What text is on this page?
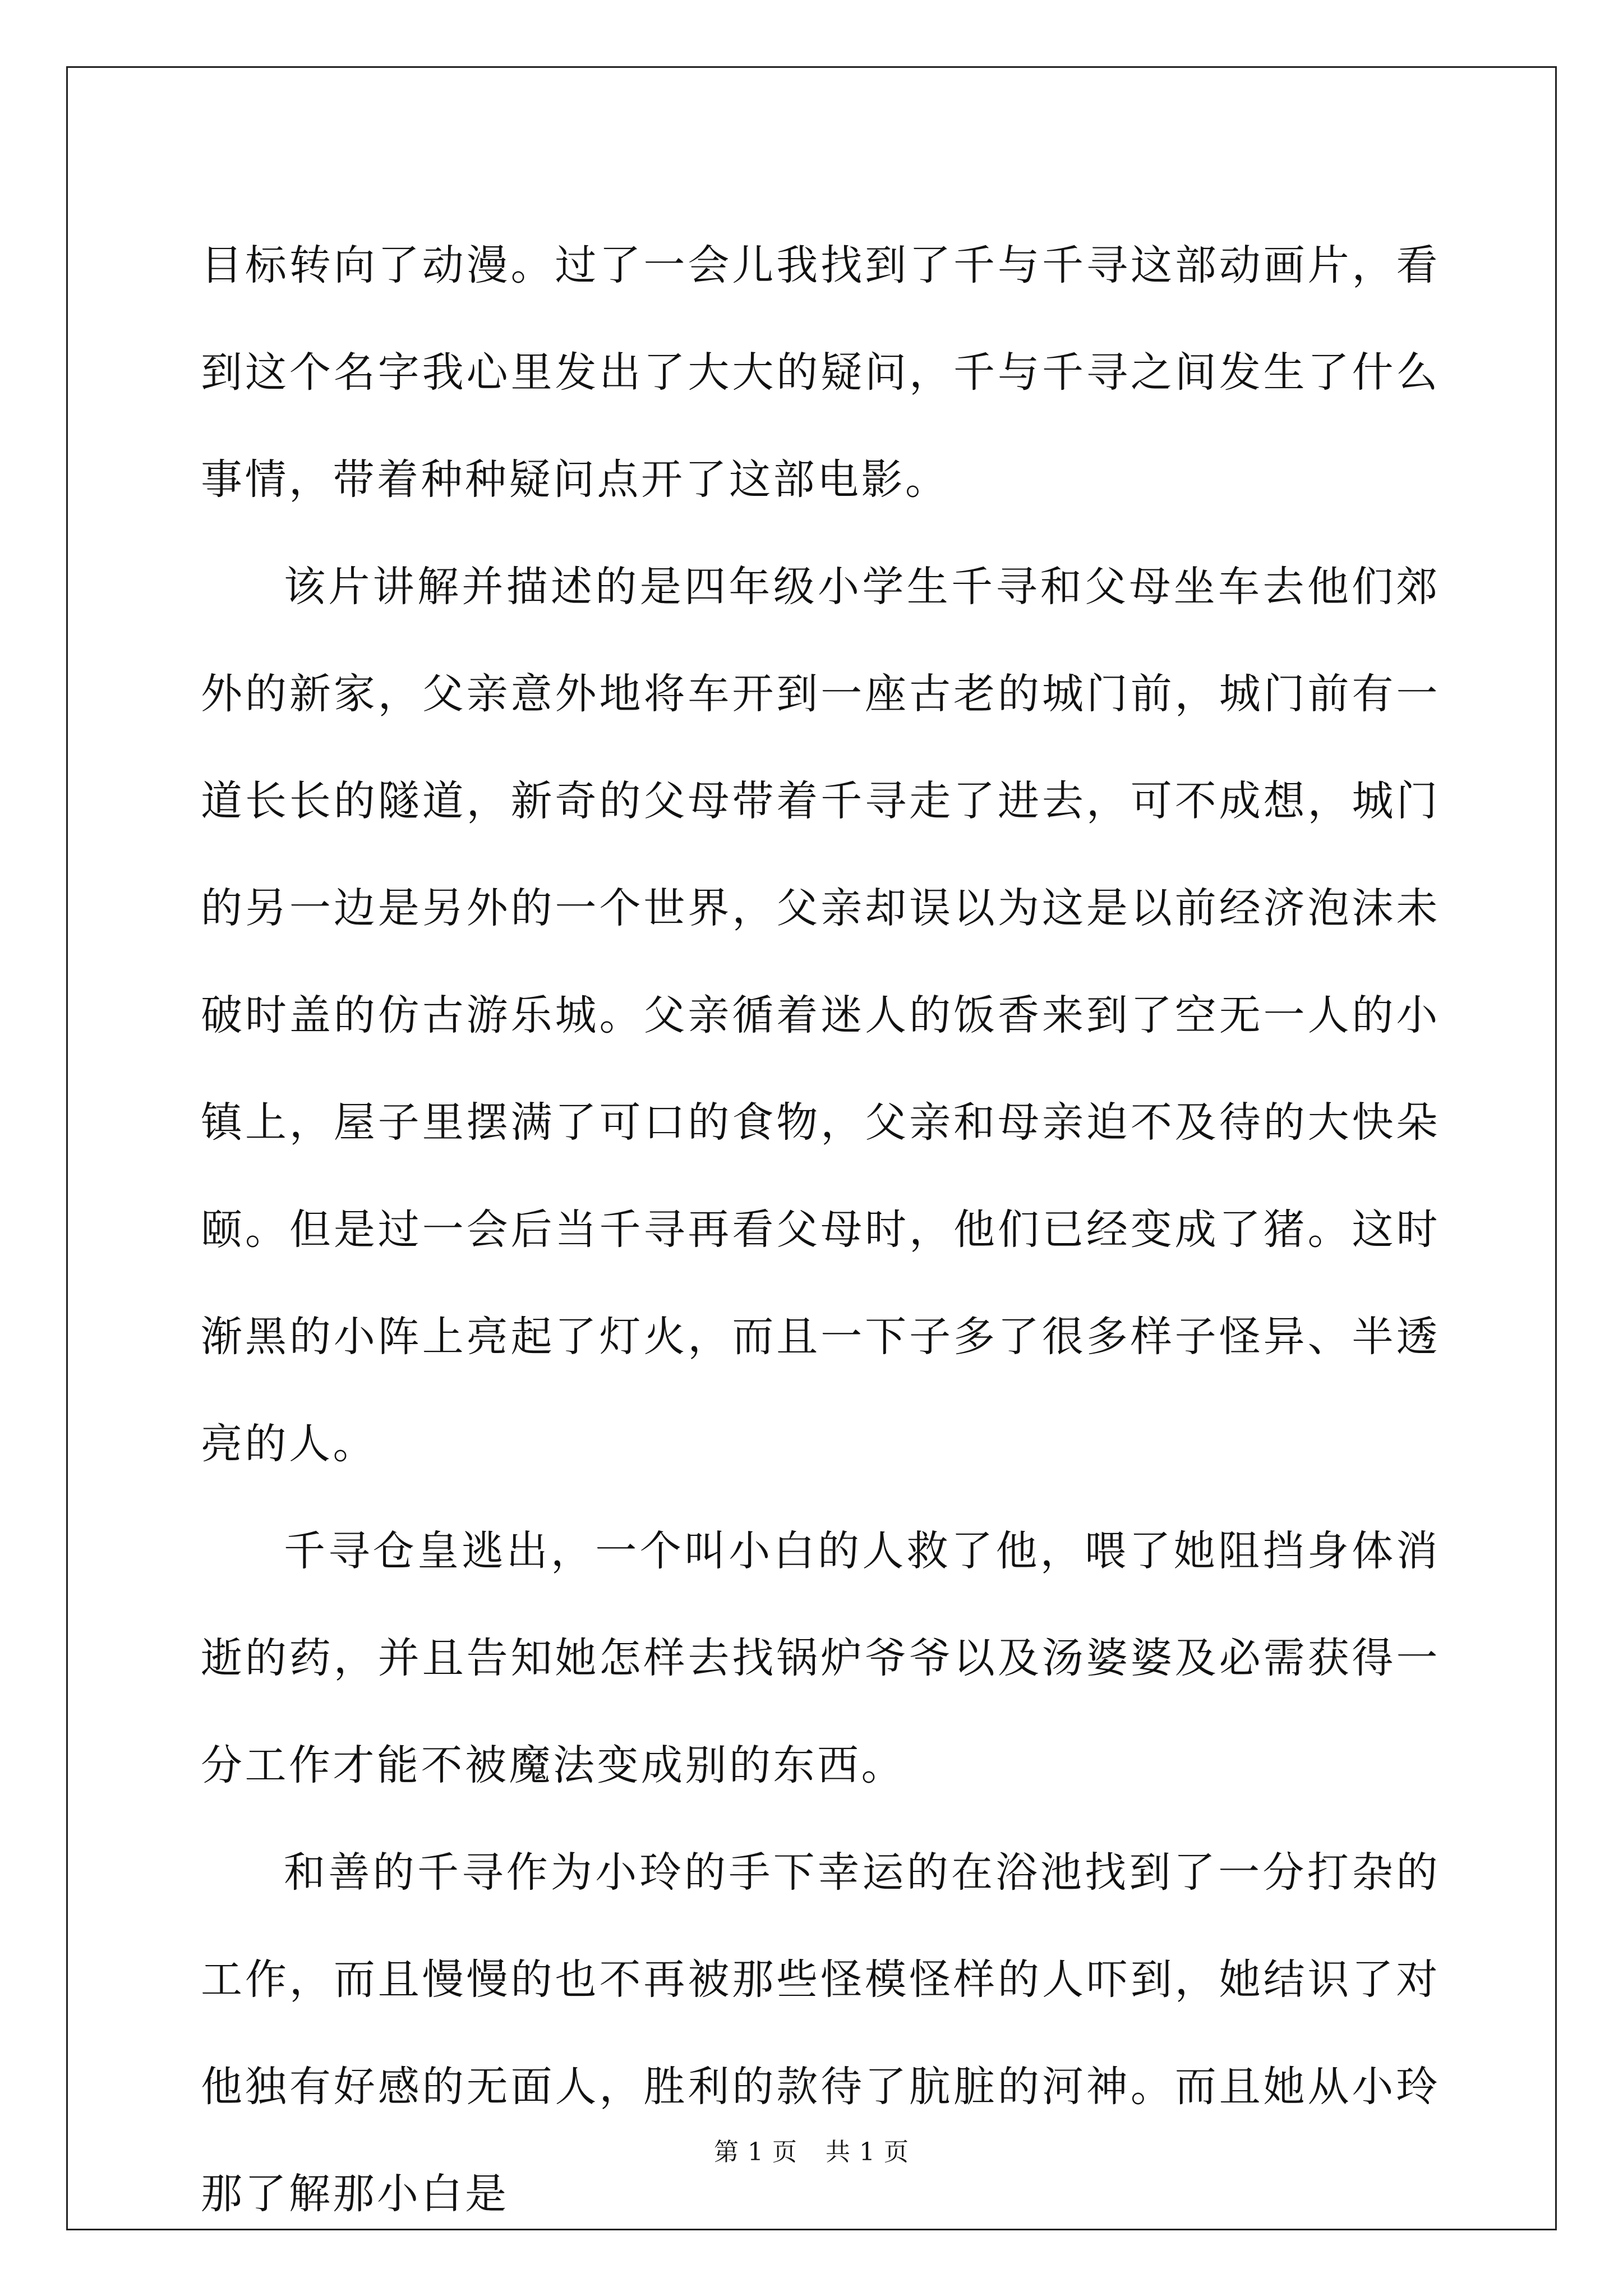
目标转向了动漫。过了一会儿我找到了千与千寻这部动画片，看到这个名字我心里发出了大大的疑问，千与千寻之间发生了什么事情，带着种种疑问点开了这部电影。

该片讲解并描述的是四年级小学生千寻和父母坐车去他们郊外的新家，父亲意外地将车开到一座古老的城门前，城门前有一道长长的隧道，新奇的父母带着千寻走了进去，可不成想，城门的另一边是另外的一个世界，父亲却误以为这是以前经济泡沫未破时盖的仿古游乐城。父亲循着迷人的饭香来到了空无一人的小镇上，屋子里摆满了可口的食物，父亲和母亲迫不及待的大快朵颐。但是过一会后当千寻再看父母时，他们已经变成了猪。这时渐黑的小阵上亮起了灯火，而且一下子多了很多样子怪异、半透亮的人。

千寻仓皇逃出，一个叫小白的人救了他，喂了她阻挡身体消逝的药，并且告知她怎样去找锅炉爷爷以及汤婆婆及必需获得一分工作才能不被魔法变成别的东西。

和善的千寻作为小玲的手下幸运的在浴池找到了一分打杂的工作，而且慢慢的也不再被那些怪模怪样的人吓到，她结识了对他独有好感的无面人，胜利的款待了肮脏的河神。而且她从小玲那了解那小白是

第 1 页 共 1 页
